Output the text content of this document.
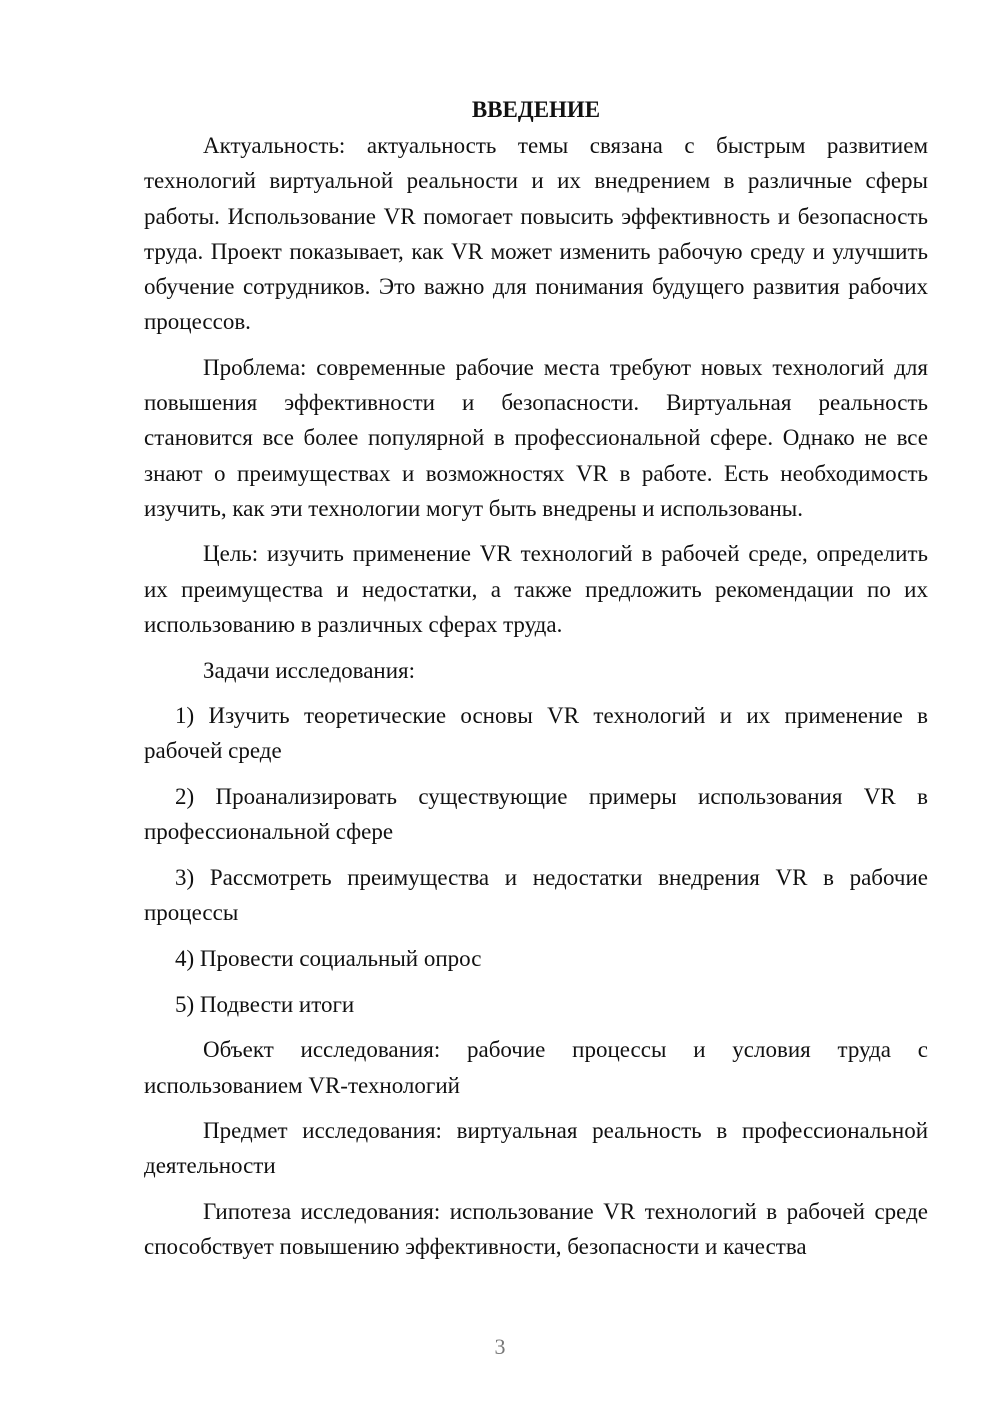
ВВЕДЕНИЕ

Актуальность: актуальность темы связана с быстрым развитием технологий виртуальной реальности и их внедрением в различные сферы работы. Использование VR помогает повысить эффективность и безопасность труда. Проект показывает, как VR может изменить рабочую среду и улучшить обучение сотрудников. Это важно для понимания будущего развития рабочих процессов.

Проблема: современные рабочие места требуют новых технологий для повышения эффективности и безопасности. Виртуальная реальность становится все более популярной в профессиональной сфере. Однако не все знают о преимуществах и возможностях VR в работе. Есть необходимость изучить, как эти технологии могут быть внедрены и использованы.

Цель: изучить применение VR технологий в рабочей среде, определить их преимущества и недостатки, а также предложить рекомендации по их использованию в различных сферах труда.

Задачи исследования:

1) Изучить теоретические основы VR технологий и их применение в рабочей среде

2) Проанализировать существующие примеры использования VR в профессиональной сфере

3) Рассмотреть преимущества и недостатки внедрения VR в рабочие процессы

4) Провести социальный опрос

5) Подвести итоги

Объект исследования: рабочие процессы и условия труда с использованием VR-технологий

Предмет исследования: виртуальная реальность в профессиональной деятельности

Гипотеза исследования: использование VR технологий в рабочей среде способствует повышению эффективности, безопасности и качества

3
